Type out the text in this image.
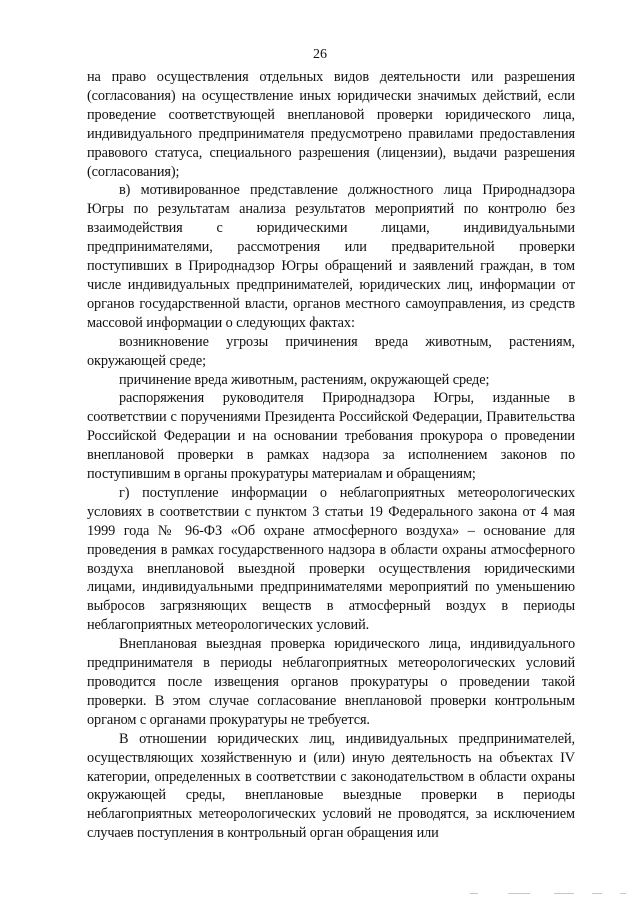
26

на право осуществления отдельных видов деятельности или разрешения (согласования) на осуществление иных юридически значимых действий, если проведение соответствующей внеплановой проверки юридического лица, индивидуального предпринимателя предусмотрено правилами предоставления правового статуса, специального разрешения (лицензии), выдачи разрешения (согласования);

в) мотивированное представление должностного лица Природнадзора Югры по результатам анализа результатов мероприятий по контролю без взаимодействия с юридическими лицами, индивидуальными предпринимателями, рассмотрения или предварительной проверки поступивших в Природнадзор Югры обращений и заявлений граждан, в том числе индивидуальных предпринимателей, юридических лиц, информации от органов государственной власти, органов местного самоуправления, из средств массовой информации о следующих фактах:

возникновение угрозы причинения вреда животным, растениям, окружающей среде;

причинение вреда животным, растениям, окружающей среде;

распоряжения руководителя Природнадзора Югры, изданные в соответствии с поручениями Президента Российской Федерации, Правительства Российской Федерации и на основании требования прокурора о проведении внеплановой проверки в рамках надзора за исполнением законов по поступившим в органы прокуратуры материалам и обращениям;

г) поступление информации о неблагоприятных метеорологических условиях в соответствии с пунктом 3 статьи 19 Федерального закона от 4 мая 1999 года № 96-ФЗ «Об охране атмосферного воздуха» – основание для проведения в рамках государственного надзора в области охраны атмосферного воздуха внеплановой выездной проверки осуществления юридическими лицами, индивидуальными предпринимателями мероприятий по уменьшению выбросов загрязняющих веществ в атмосферный воздух в периоды неблагоприятных метеорологических условий.

Внеплановая выездная проверка юридического лица, индивидуального предпринимателя в периоды неблагоприятных метеорологических условий проводится после извещения органов прокуратуры о проведении такой проверки. В этом случае согласование внеплановой проверки контрольным органом с органами прокуратуры не требуется.

В отношении юридических лиц, индивидуальных предпринимателей, осуществляющих хозяйственную и (или) иную деятельность на объектах IV категории, определенных в соответствии с законодательством в области охраны окружающей среды, внеплановые выездные проверки в периоды неблагоприятных метеорологических условий не проводятся, за исключением случаев поступления в контрольный орган обращения или
